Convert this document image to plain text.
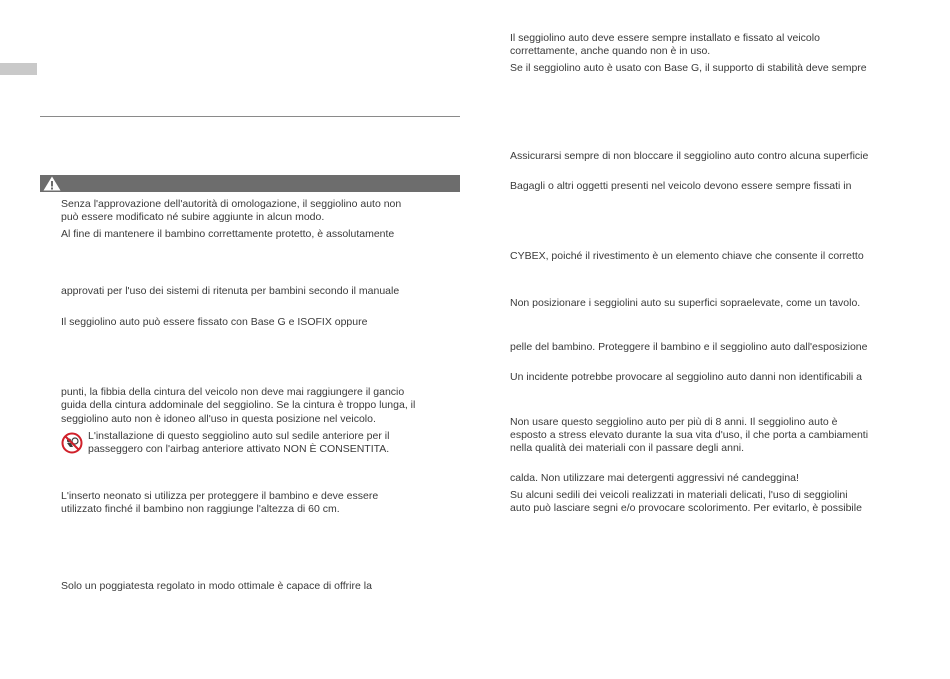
Senza l'approvazione dell'autorità di omologazione, il seggiolino auto non

può essere modificato né subire aggiunte in alcun modo.

Al fine di mantenere il bambino correttamente protetto, è assolutamente

approvati per l'uso dei sistemi di ritenuta per bambini secondo il manuale

Il seggiolino auto può essere fissato con Base G e ISOFIX oppure

punti, la fibbia della cintura del veicolo non deve mai raggiungere il gancio

guida della cintura addominale del seggiolino. Se la cintura è troppo lunga, il

seggiolino auto non è idoneo all'uso in questa posizione nel veicolo.

L'installazione di questo seggiolino auto sul sedile anteriore per il

passeggero con l'airbag anteriore attivato NON È CONSENTITA.

L'inserto neonato si utilizza per proteggere il bambino e deve essere

utilizzato finché il bambino non raggiunge l'altezza di 60 cm.

Solo un poggiatesta regolato in modo ottimale è capace di offrire la

Il seggiolino auto deve essere sempre installato e fissato al veicolo

correttamente, anche quando non è in uso.

Se il seggiolino auto è usato con Base G, il supporto di stabilità deve sempre

Assicurarsi sempre di non bloccare il seggiolino auto contro alcuna superficie

Bagagli o altri oggetti presenti nel veicolo devono essere sempre fissati in

CYBEX, poiché il rivestimento è un elemento chiave che consente il corretto

Non posizionare i seggiolini auto su superfici sopraelevate, come un tavolo.

pelle del bambino. Proteggere il bambino e il seggiolino auto dall'esposizione

Un incidente potrebbe provocare al seggiolino auto danni non identificabili a

Non usare questo seggiolino auto per più di 8 anni. Il seggiolino auto è

esposto a stress elevato durante la sua vita d'uso, il che porta a cambiamenti

nella qualità dei materiali con il passare degli anni.

calda. Non utilizzare mai detergenti aggressivi né candeggina!

Su alcuni sedili dei veicoli realizzati in materiali delicati, l'uso di seggiolini

auto può lasciare segni e/o provocare scolorimento. Per evitarlo, è possibile
